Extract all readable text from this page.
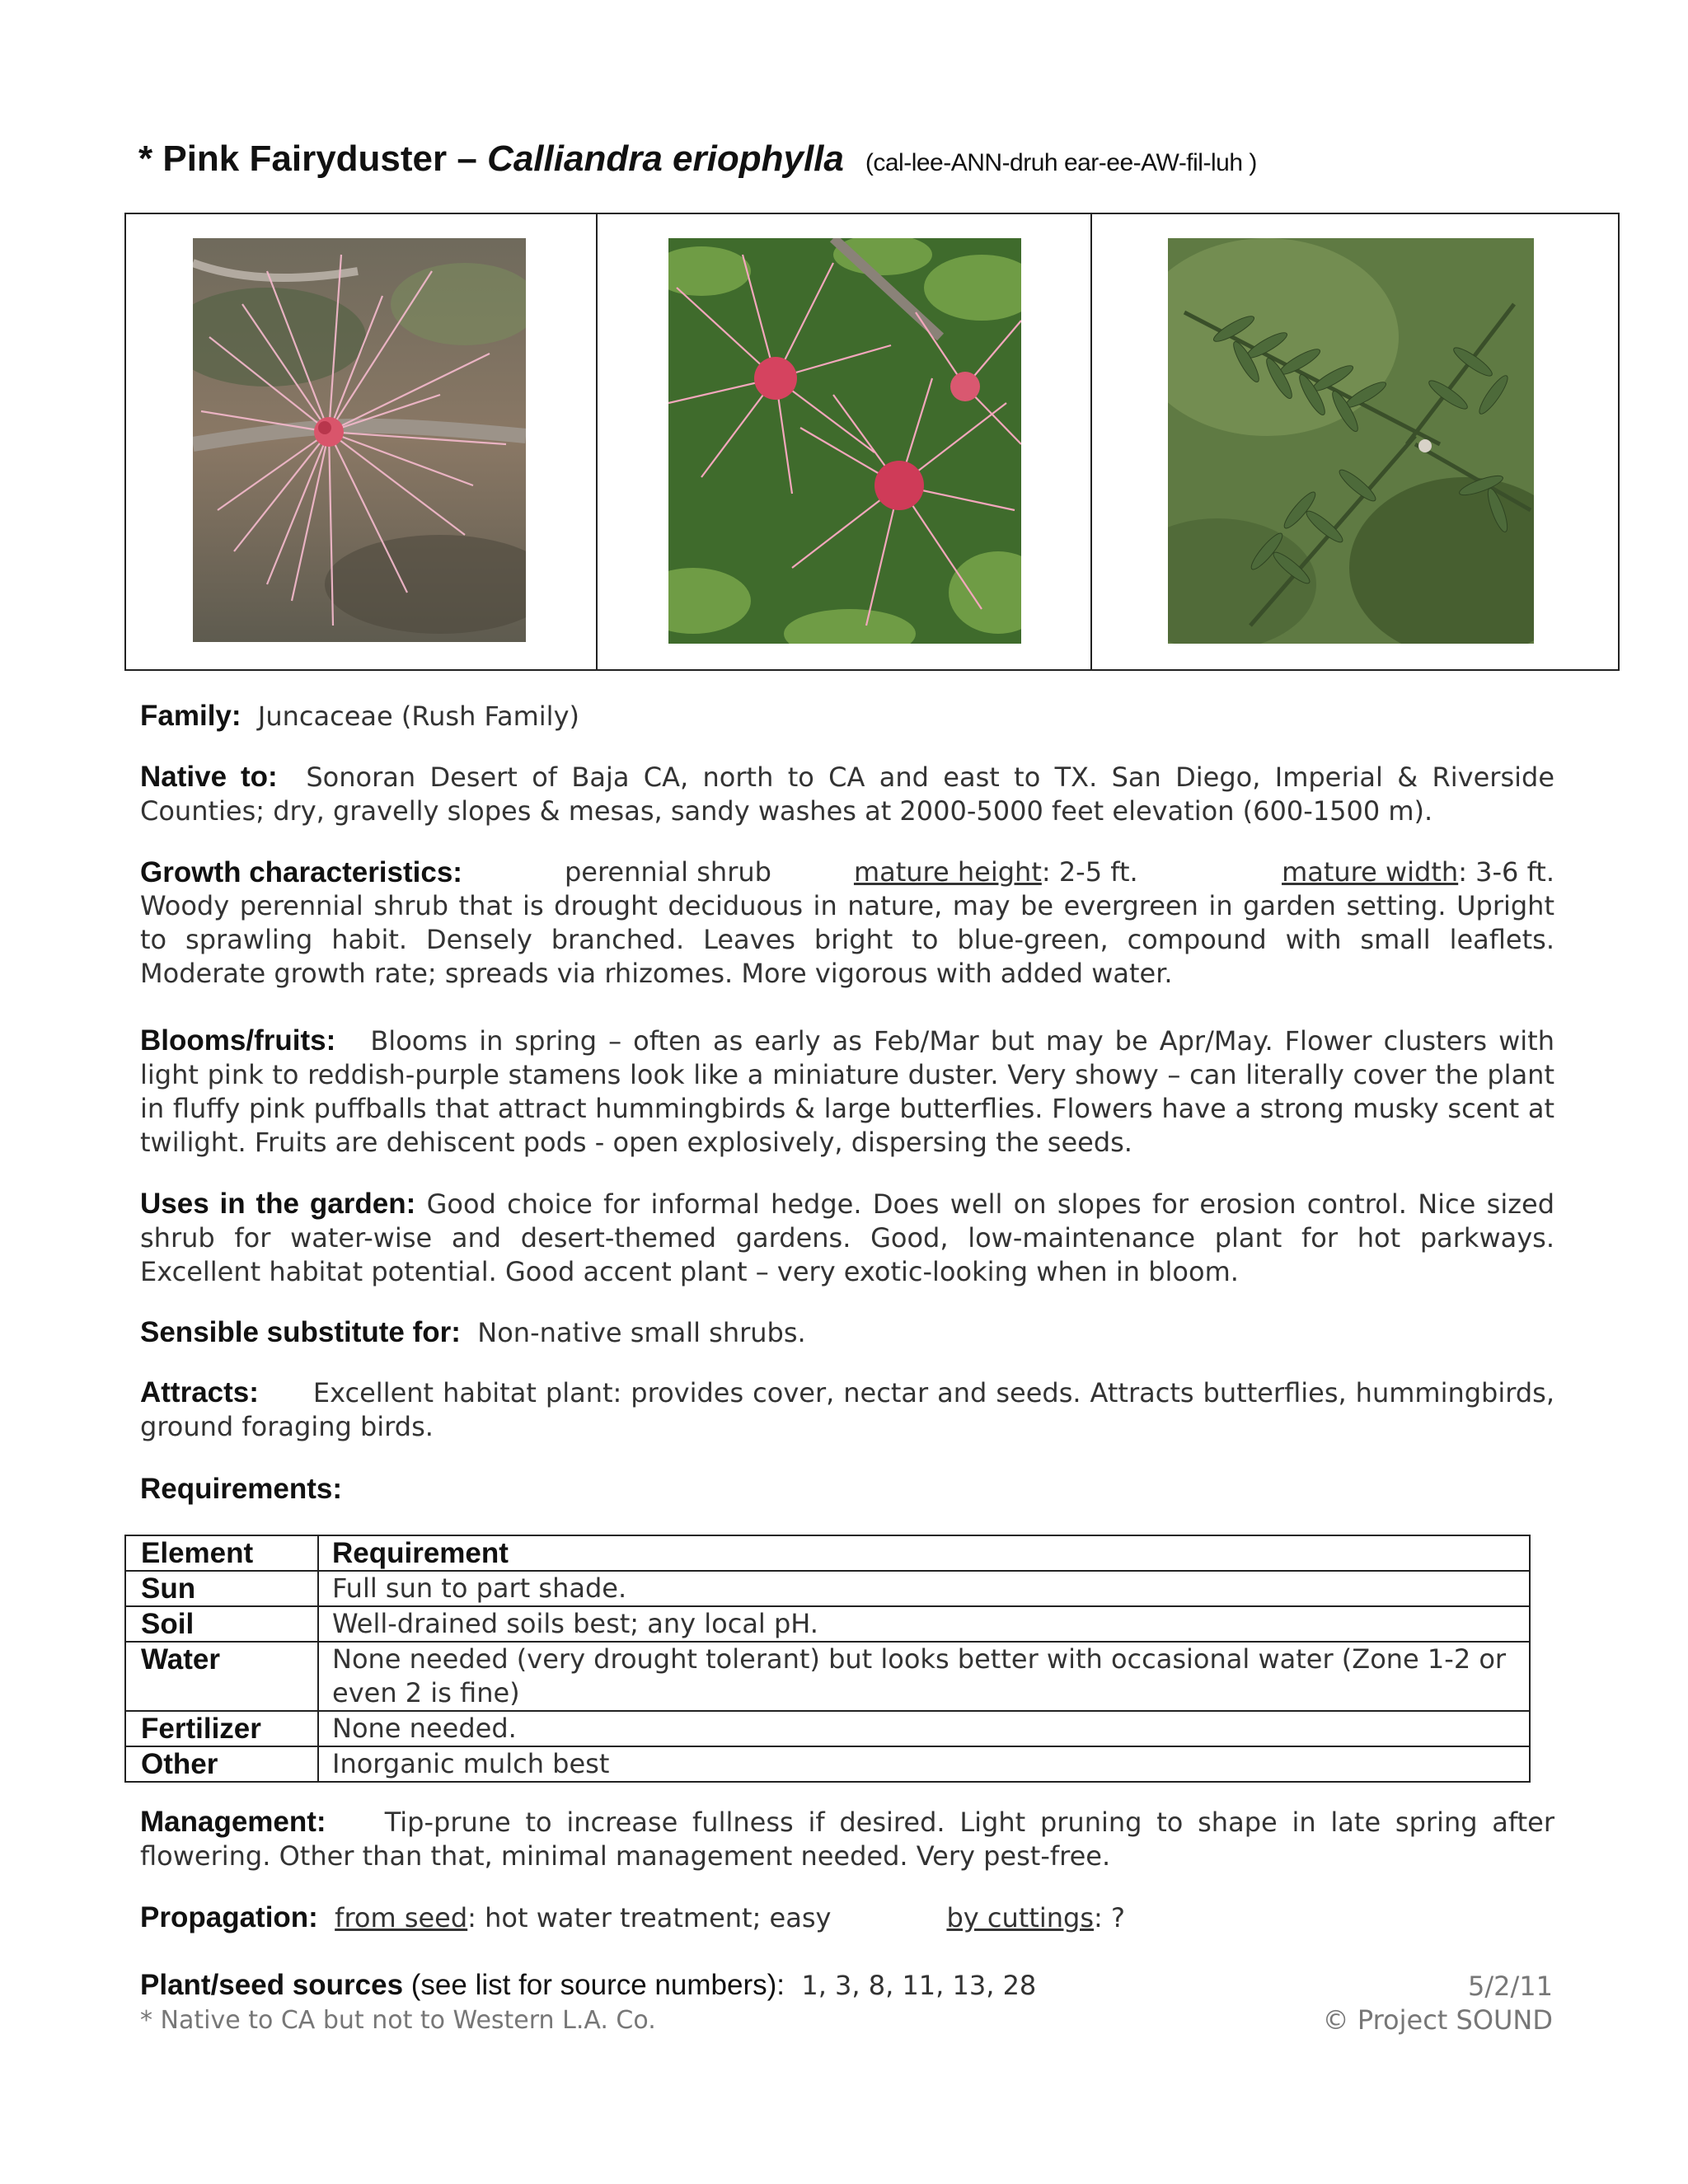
* Pink Fairyduster – Calliandra eriophylla (cal-lee-ANN-druh ear-ee-AW-fil-luh )
Family: Juncaceae (Rush Family)
Native to: Sonoran Desert of Baja CA, north to CA and east to TX. San Diego, Imperial & Riverside Counties; dry, gravelly slopes & mesas, sandy washes at 2000-5000 feet elevation (600-1500 m).
Growth characteristics:	perennial shrub	mature height: 2-5 ft.	mature width: 3-6 ft.
Woody perennial shrub that is drought deciduous in nature, may be evergreen in garden setting. Upright to sprawling habit. Densely branched. Leaves bright to blue-green, compound with small leaflets. Moderate growth rate; spreads via rhizomes. More vigorous with added water.
Blooms/fruits: Blooms in spring – often as early as Feb/Mar but may be Apr/May. Flower clusters with light pink to reddish-purple stamens look like a miniature duster. Very showy – can literally cover the plant in fluffy pink puffballs that attract hummingbirds & large butterflies. Flowers have a strong musky scent at twilight. Fruits are dehiscent pods - open explosively, dispersing the seeds.
Uses in the garden: Good choice for informal hedge. Does well on slopes for erosion control. Nice sized shrub for water-wise and desert-themed gardens. Good, low-maintenance plant for hot parkways. Excellent habitat potential. Good accent plant – very exotic-looking when in bloom.
Sensible substitute for: Non-native small shrubs.
Attracts: Excellent habitat plant: provides cover, nectar and seeds. Attracts butterflies, hummingbirds, ground foraging birds.
Requirements:
Element	Requirement
Sun	Full sun to part shade.
Soil	Well-drained soils best; any local pH.
Water	None needed (very drought tolerant) but looks better with occasional water (Zone 1-2 or even 2 is fine)
Fertilizer	None needed.
Other	Inorganic mulch best
Management: Tip-prune to increase fullness if desired. Light pruning to shape in late spring after flowering. Other than that, minimal management needed. Very pest-free.
Propagation: from seed: hot water treatment; easy	by cuttings: ?
Plant/seed sources (see list for source numbers): 1, 3, 8, 11, 13, 28	5/2/11
* Native to CA but not to Western L.A. Co.	© Project SOUND
